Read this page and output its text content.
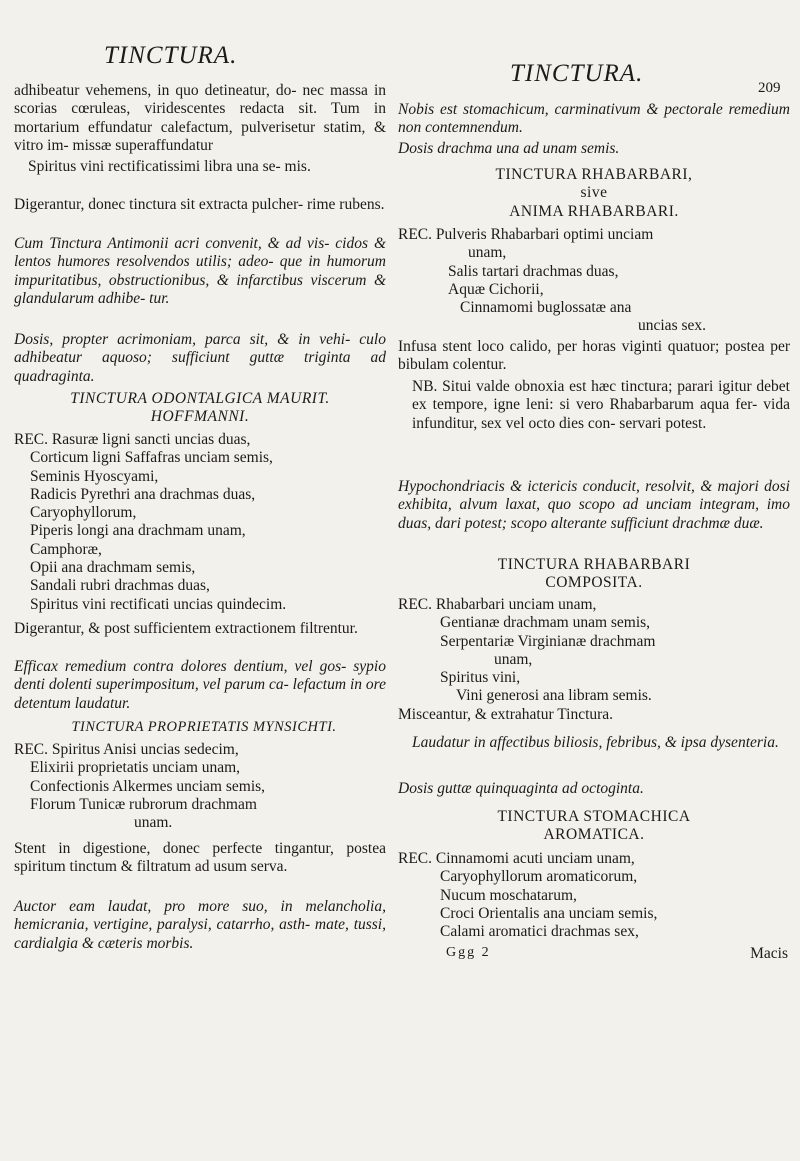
TINCTURA.
adhibeatur vehemens, in quo detineatur, do- nec massa in scorias cœruleas, viridescentes redacta sit. Tum in mortarium effundatur calefactum, pulverisetur statim, & vitro im- missæ superaffundatur
Spiritus vini rectificatissimi libra una se- mis.
Digerantur, donec tinctura sit extracta pulcher- rime rubens.
Cum Tinctura Antimonii acri convenit, & ad vis- cidos & lentos humores resolvendos utilis; adeo- que in humorum impuritatibus, obstructionibus, & infarctibus viscerum & glandularum adhibe- tur.
Dosis, propter acrimoniam, parca sit, & in vehi- culo adhibeatur aquoso; sufficiunt guttæ triginta ad quadraginta.
TINCTURA ODONTALGICA MAURIT.
HOFFMANNI.
REC. Rasuræ ligni sancti uncias duas,
Corticum ligni Saffafras unciam semis,
Seminis Hyoscyami,
Radicis Pyrethri ana drachmas duas,
Caryophyllorum,
Piperis longi ana drachmam unam,
Camphoræ,
Opii ana drachmam semis,
Sandali rubri drachmas duas,
Spiritus vini rectificati uncias quindecim.
Digerantur, & post sufficientem extractionem filtrentur.
Efficax remedium contra dolores dentium, vel gos- sypio denti dolenti superimpositum, vel parum ca- lefactum in ore detentum laudatur.
TINCTURA PROPRIETATIS MYNSICHTI.
REC. Spiritus Anisi uncias sedecim,
Elixirii proprietatis unciam unam,
Confectionis Alkermes unciam semis,
Florum Tunicæ rubrorum drachmam
unam.
Stent in digestione, donec perfecte tingantur, postea spiritum tinctum & filtratum ad usum serva.
Auctor eam laudat, pro more suo, in melancholia, hemicrania, vertigine, paralysi, catarrho, asth- mate, tussi, cardialgia & cæteris morbis.
TINCTURA.
209
Nobis est stomachicum, carminativum & pectorale remedium non contemnendum.
Dosis drachma una ad unam semis.
TINCTURA RHABARBARI,
sive
ANIMA RHABARBARI.
REC. Pulveris Rhabarbari optimi unciam
unam,
Salis tartari drachmas duas,
Aquæ Cichorii,
Cinnamomi buglossatæ ana
uncias sex.
Infusa stent loco calido, per horas viginti quatuor; postea per bibulam colentur.
NB. Situi valde obnoxia est hæc tinctura; parari igitur debet ex tempore, igne leni: si vero Rhabarbarum aqua fer- vida infunditur, sex vel octo dies con- servari potest.
Hypochondriacis & ictericis conducit, resolvit, & majori dosi exhibita, alvum laxat, quo scopo ad unciam integram, imo duas, dari potest; scopo alterante sufficiunt drachmæ duæ.
TINCTURA RHABARBARI
COMPOSITA.
REC. Rhabarbari unciam unam,
Gentianæ drachmam unam semis,
Serpentariæ Virginianæ drachmam
unam,
Spiritus vini,
Vini generosi ana libram semis.
Misceantur, & extrahatur Tinctura.
Laudatur in affectibus biliosis, febribus, & ipsa dysenteria.
Dosis guttæ quinquaginta ad octoginta.
TINCTURA STOMACHICA
AROMATICA.
REC. Cinnamomi acuti unciam unam,
Caryophyllorum aromaticorum,
Nucum moschatarum,
Croci Orientalis ana unciam semis,
Calami aromatici drachmas sex,
Ggg 2	Macis
